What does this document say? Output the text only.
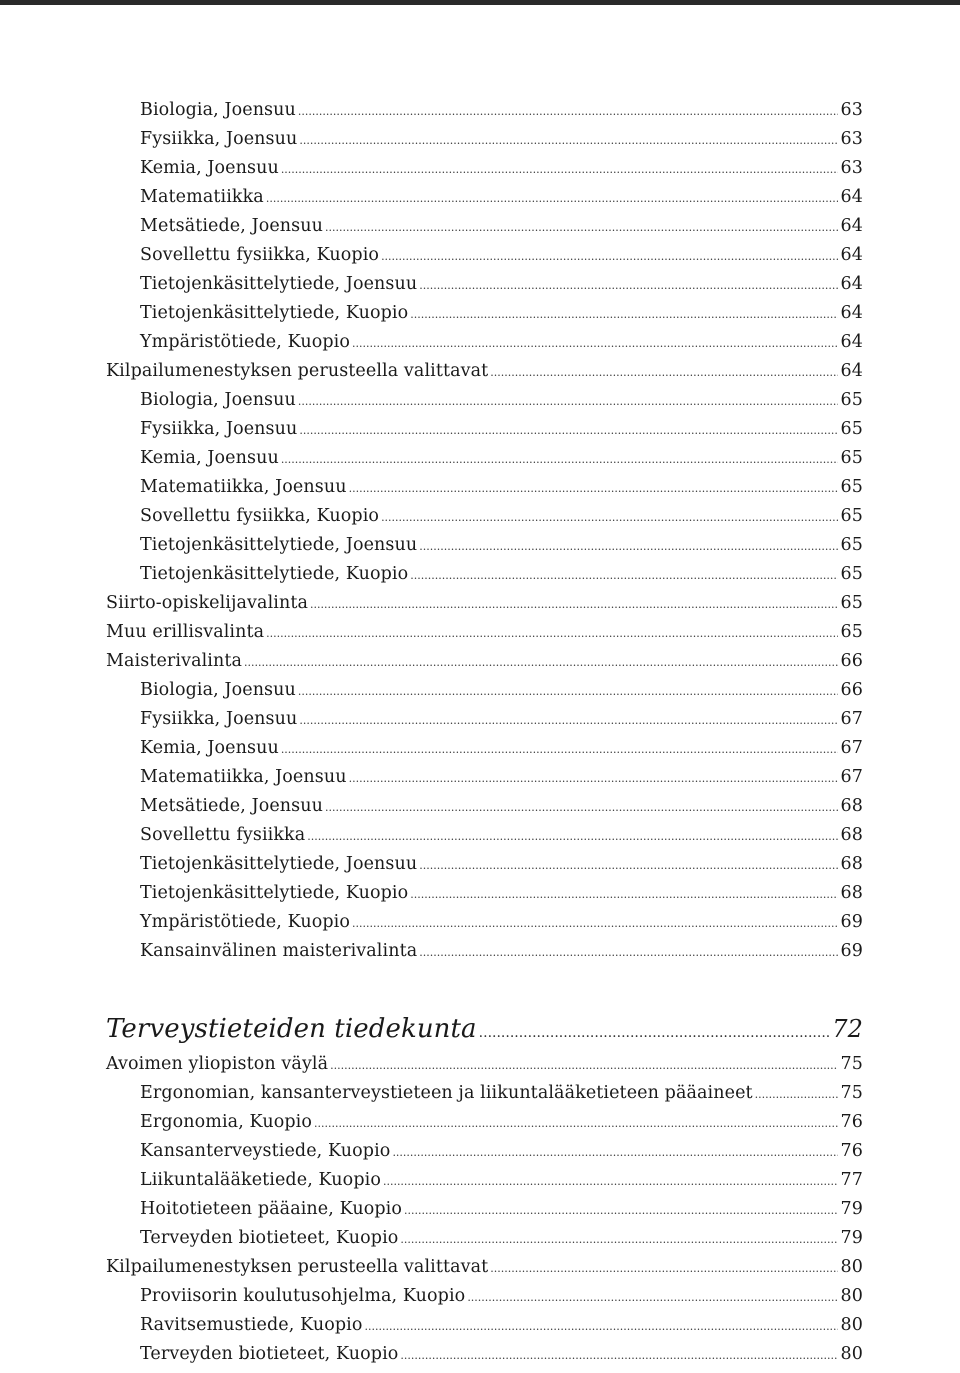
Biologia, Joensuu .....	63
Fysiikka, Joensuu .....	63
Kemia, Joensuu .....	63
Matematiikka .....	64
Metsätiede, Joensuu .....	64
Sovellettu fysiikka, Kuopio .....	64
Tietojenkäsittelytiede, Joensuu .....	64
Tietojenkäsittelytiede, Kuopio .....	64
Ympäristötiede, Kuopio .....	64
Kilpailumenestyksen perusteella valittavat .....	64
Biologia, Joensuu .....	65
Fysiikka, Joensuu .....	65
Kemia, Joensuu .....	65
Matematiikka, Joensuu .....	65
Sovellettu fysiikka, Kuopio .....	65
Tietojenkäsittelytiede, Joensuu .....	65
Tietojenkäsittelytiede, Kuopio .....	65
Siirto-opiskelijavalinta .....	65
Muu erillisvalinta .....	65
Maisterivalinta .....	66
Biologia, Joensuu .....	66
Fysiikka, Joensuu .....	67
Kemia, Joensuu .....	67
Matematiikka, Joensuu .....	67
Metsätiede, Joensuu .....	68
Sovellettu fysiikka .....	68
Tietojenkäsittelytiede, Joensuu .....	68
Tietojenkäsittelytiede, Kuopio .....	68
Ympäristötiede, Kuopio .....	69
Kansainvälinen maisterivalinta .....	69
Terveystieteiden tiedekunta .....	72
Avoimen yliopiston väylä .....	75
Ergonomian, kansanterveystieteen ja liikuntalääketieteen pääaineet .....	75
Ergonomia, Kuopio .....	76
Kansanterveystiede, Kuopio .....	76
Liikuntalääketiede, Kuopio .....	77
Hoitotieteen pääaine, Kuopio .....	79
Terveyden biotieteet, Kuopio .....	79
Kilpailumenestyksen perusteella valittavat .....	80
Proviisorin koulutusohjelma, Kuopio .....	80
Ravitsemustiede, Kuopio .....	80
Terveyden biotieteet, Kuopio .....	80
